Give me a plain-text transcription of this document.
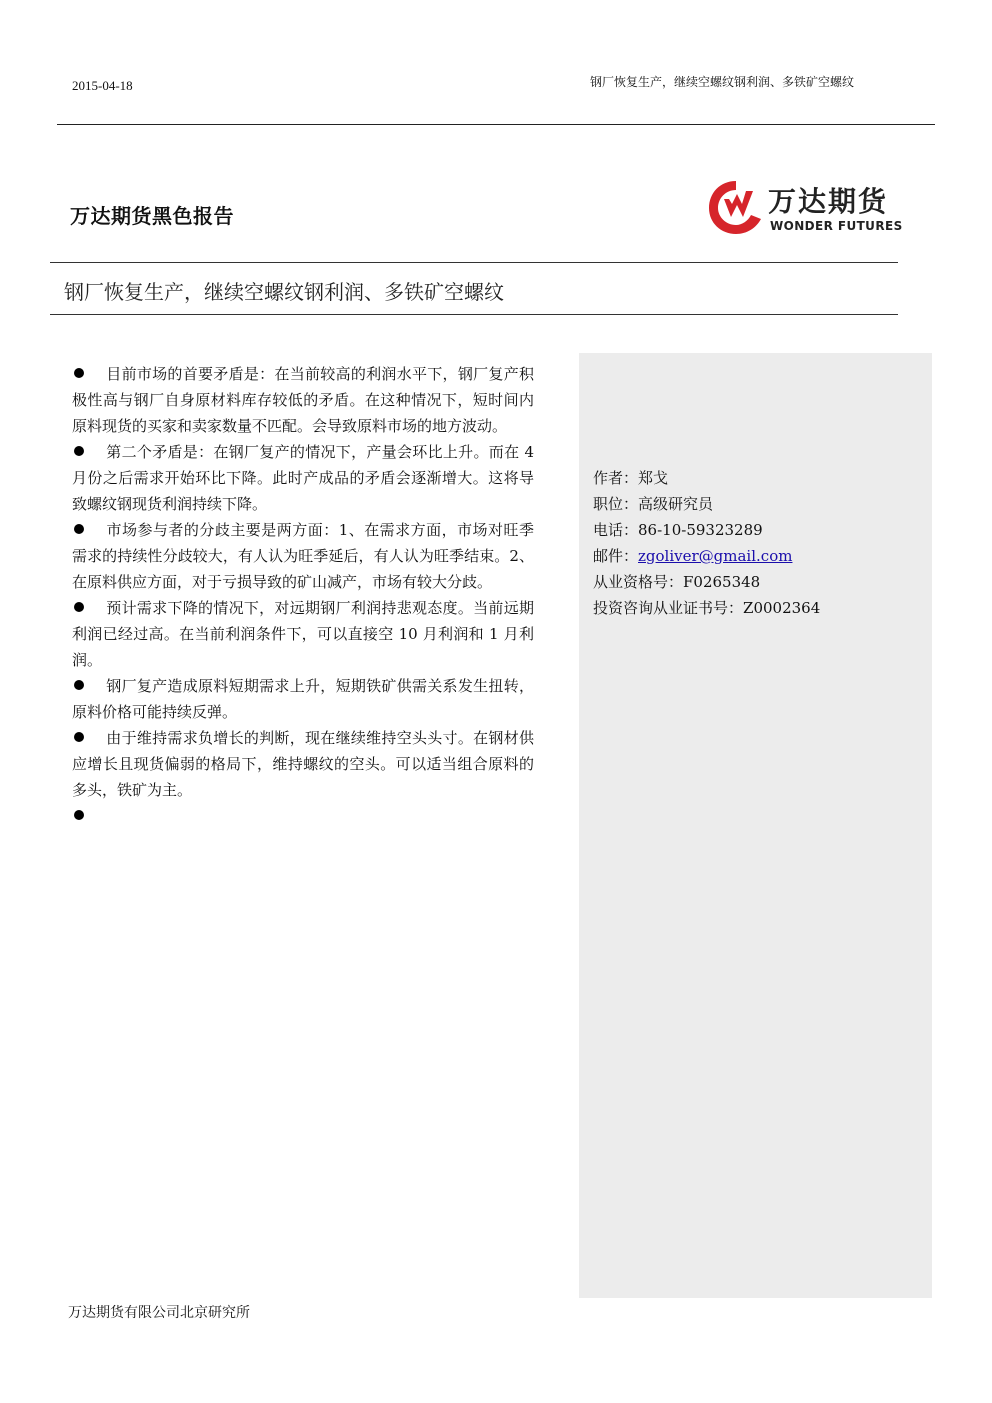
2015-04-18	钢厂恢复生产，继续空螺纹钢利润、多铁矿空螺纹
万达期货黑色报告	万达期货
WONDER FUTURES
钢厂恢复生产，继续空螺纹钢利润、多铁矿空螺纹

目前市场的首要矛盾是：在当前较高的利润水平下，钢厂复产积极性高与钢厂自身原材料库存较低的矛盾。在这种情况下，短时间内原料现货的买家和卖家数量不匹配。会导致原料市场的地方波动。

第二个矛盾是：在钢厂复产的情况下，产量会环比上升。而在 4 月份之后需求开始环比下降。此时产成品的矛盾会逐渐增大。这将导致螺纹钢现货利润持续下降。

市场参与者的分歧主要是两方面：1、在需求方面，市场对旺季需求的持续性分歧较大，有人认为旺季延后，有人认为旺季结束。2、在原料供应方面，对于亏损导致的矿山减产，市场有较大分歧。

预计需求下降的情况下，对远期钢厂利润持悲观态度。当前远期利润已经过高。在当前利润条件下，可以直接空 10 月利润和 1 月利润。

钢厂复产造成原料短期需求上升，短期铁矿供需关系发生扭转，原料价格可能持续反弹。

由于维持需求负增长的判断，现在继续维持空头头寸。在钢材供应增长且现货偏弱的格局下，维持螺纹的空头。可以适当组合原料的多头，铁矿为主。

作者：郑戈
职位：高级研究员
电话：86-10-59323289
邮件：zgoliver@gmail.com
从业资格号：F0265348
投资咨询从业证书号：Z0002364
万达期货有限公司北京研究所
